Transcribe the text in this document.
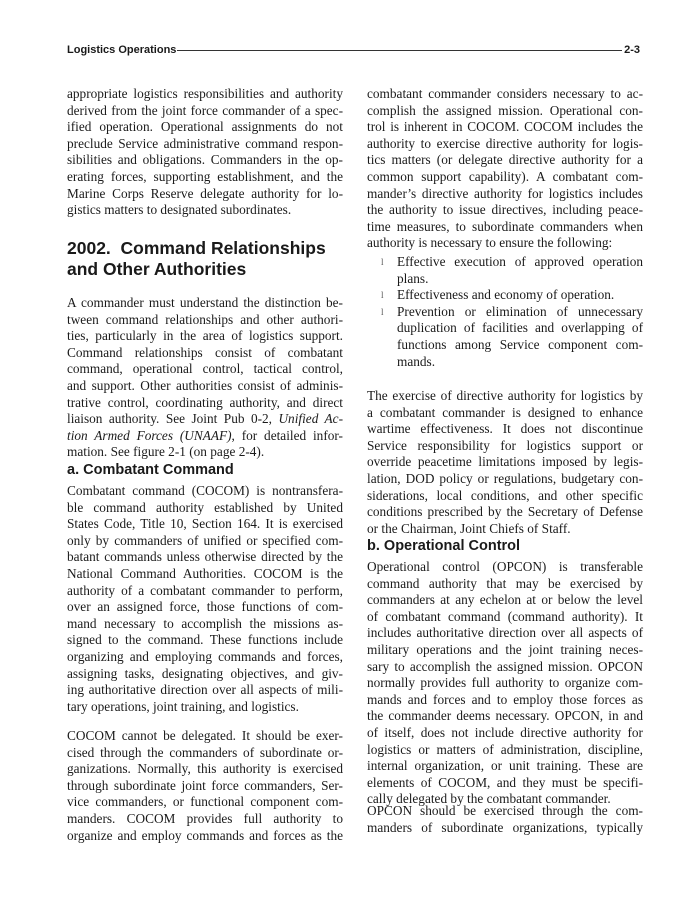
Logistics Operations	2-3
appropriate logistics responsibilities and authority
derived from the joint force commander of a spec-
ified operation. Operational assignments do not
preclude Service administrative command respon-
sibilities and obligations. Commanders in the op-
erating forces, supporting establishment, and the
Marine Corps Reserve delegate authority for lo-
gistics matters to designated subordinates.
2002.  Command Relationships
and Other Authorities
A commander must understand the distinction be-
tween command relationships and other authori-
ties, particularly in the area of logistics support.
Command relationships consist of combatant
command, operational control, tactical control,
and support. Other authorities consist of adminis-
trative control, coordinating authority, and direct
liaison authority. See Joint Pub 0-2, Unified Ac-
tion Armed Forces (UNAAF), for detailed infor-
mation. See figure 2-1 (on page 2-4).
a. Combatant Command
Combatant command (COCOM) is nontransfera-
ble command authority established by United
States Code, Title 10, Section 164. It is exercised
only by commanders of unified or specified com-
batant commands unless otherwise directed by the
National Command Authorities. COCOM is the
authority of a combatant commander to perform,
over an assigned force, those functions of com-
mand necessary to accomplish the missions as-
signed to the command. These functions include
organizing and employing commands and forces,
assigning tasks, designating objectives, and giv-
ing authoritative direction over all aspects of mili-
tary operations, joint training, and logistics.
COCOM cannot be delegated. It should be exer-
cised through the commanders of subordinate or-
ganizations. Normally, this authority is exercised
through subordinate joint force commanders, Ser-
vice commanders, or functional component com-
manders. COCOM provides full authority to
organize and employ commands and forces as the
combatant commander considers necessary to ac-
complish the assigned mission. Operational con-
trol is inherent in COCOM. COCOM includes the
authority to exercise directive authority for logis-
tics matters (or delegate directive authority for a
common support capability). A combatant com-
mander’s directive authority for logistics includes
the authority to issue directives, including peace-
time measures, to subordinate commanders when
authority is necessary to ensure the following:
l Effective execution of approved operation
plans.
l Effectiveness and economy of operation.
l Prevention or elimination of unnecessary
duplication of facilities and overlapping of
functions among Service component com-
mands.
The exercise of directive authority for logistics by
a combatant commander is designed to enhance
wartime effectiveness. It does not discontinue
Service responsibility for logistics support or
override peacetime limitations imposed by legis-
lation, DOD policy or regulations, budgetary con-
siderations, local conditions, and other specific
conditions prescribed by the Secretary of Defense
or the Chairman, Joint Chiefs of Staff.
b. Operational Control
Operational control (OPCON) is transferable
command authority that may be exercised by
commanders at any echelon at or below the level
of combatant command (command authority). It
includes authoritative direction over all aspects of
military operations and the joint training neces-
sary to accomplish the assigned mission. OPCON
normally provides full authority to organize com-
mands and forces and to employ those forces as
the commander deems necessary. OPCON, in and
of itself, does not include directive authority for
logistics or matters of administration, discipline,
internal organization, or unit training. These are
elements of COCOM, and they must be specifi-
cally delegated by the combatant commander.
OPCON should be exercised through the com-
manders of subordinate organizations, typically
